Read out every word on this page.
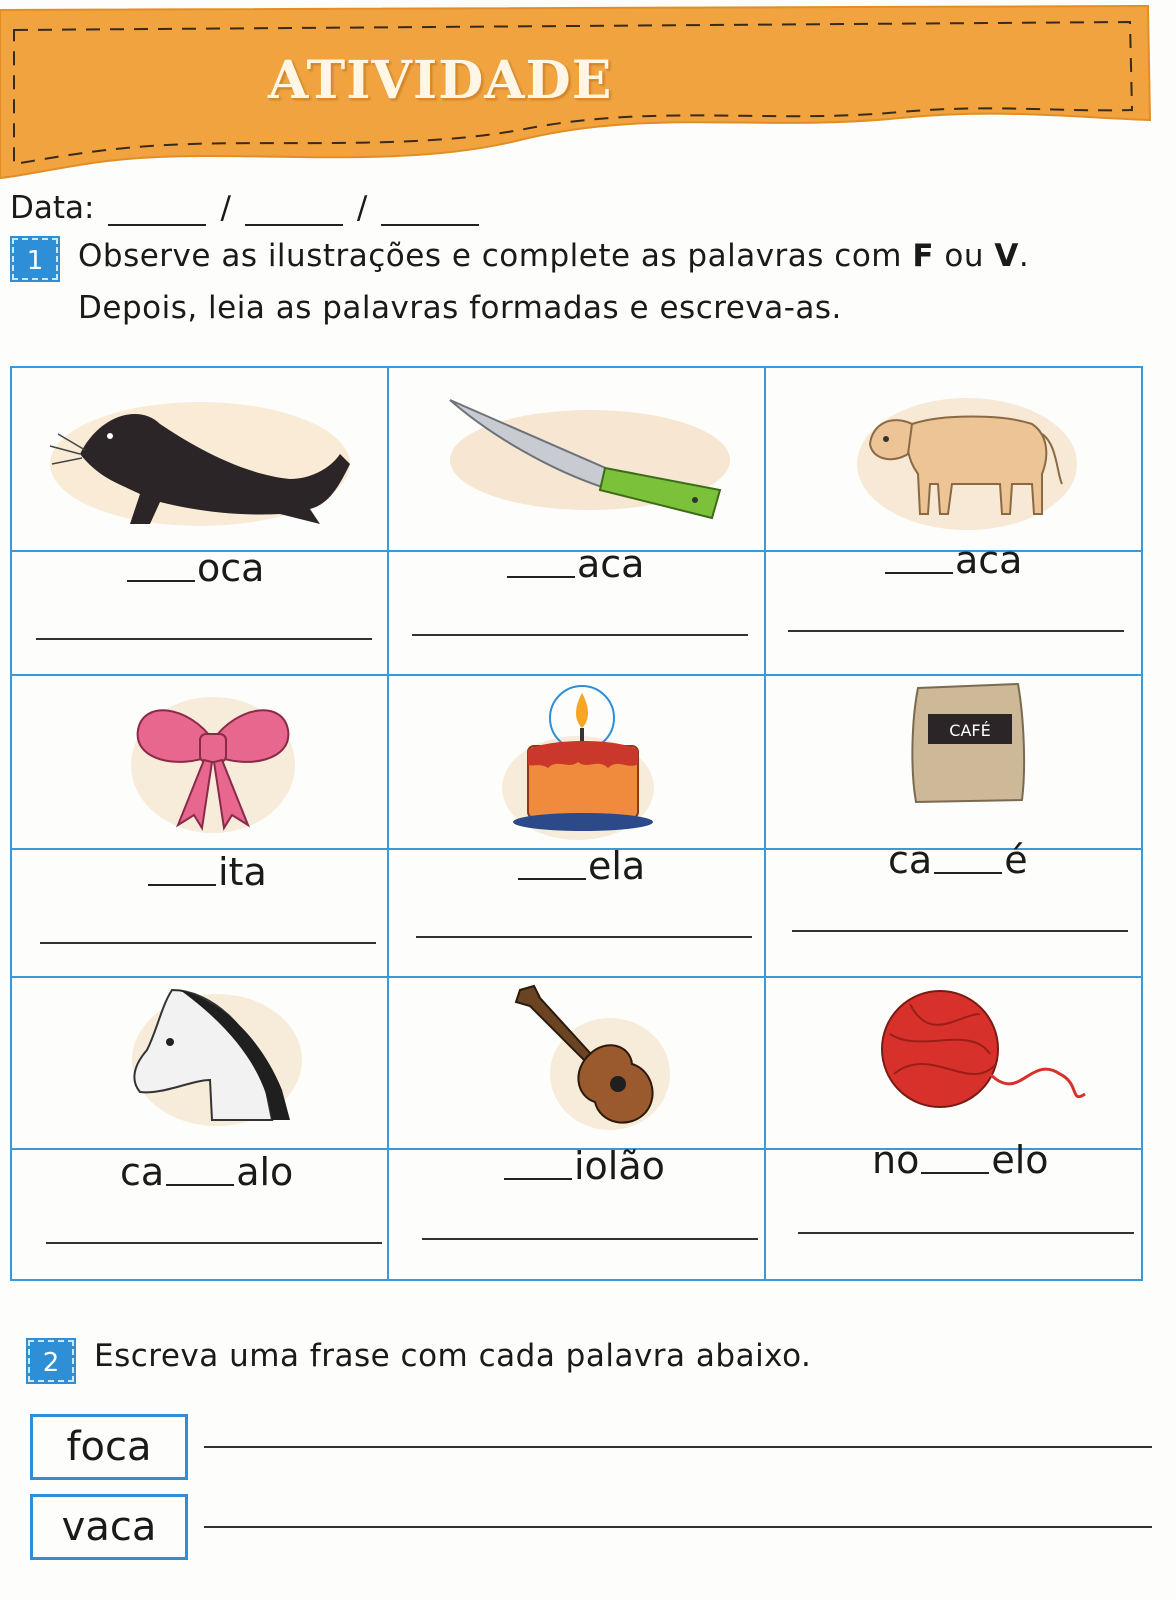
ATIVIDADE
Data:	/	/
1	Observe as ilustrações e complete as palavras com F ou V.
Depois, leia as palavras formadas e escreva-as.
CAFÉ
oca	aca	aca
ita	ela	ca é
ca alo	iolão	no elo
2	Escreva uma frase com cada palavra abaixo.
foca
vaca
